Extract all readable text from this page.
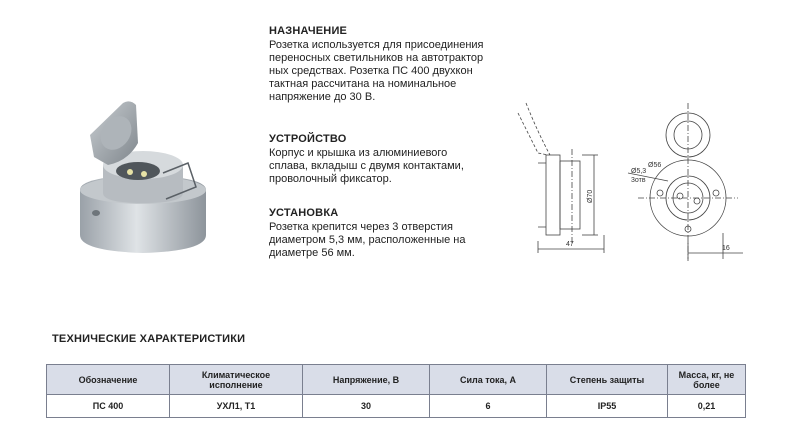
НАЗНАЧЕНИЕ

Розетка используется для присоединения

переносных светильников на автотрактор

ных средствах. Розетка ПС 400 двухкон

тактная рассчитана на номинальное

напряжение до 30 В.

УСТРОЙСТВО

Корпус и крышка из алюминиевого

сплава, вкладыш с двумя контактами,

проволочный фиксатор.

УСТАНОВКА

Розетка крепится через 3 отверстия

диаметром 5,3 мм, расположенные на

диаметре 56 мм.

Ø70
47
Ø5,3
3отв
Ø56
16
ТЕХНИЧЕСКИЕ ХАРАКТЕРИСТИКИ
Обозначение	Климатическое исполнение	Напряжение, В	Сила тока, А	Степень защиты	Масса, кг, не более
ПС 400	УХЛ1, Т1	30	6	IP55	0,21
